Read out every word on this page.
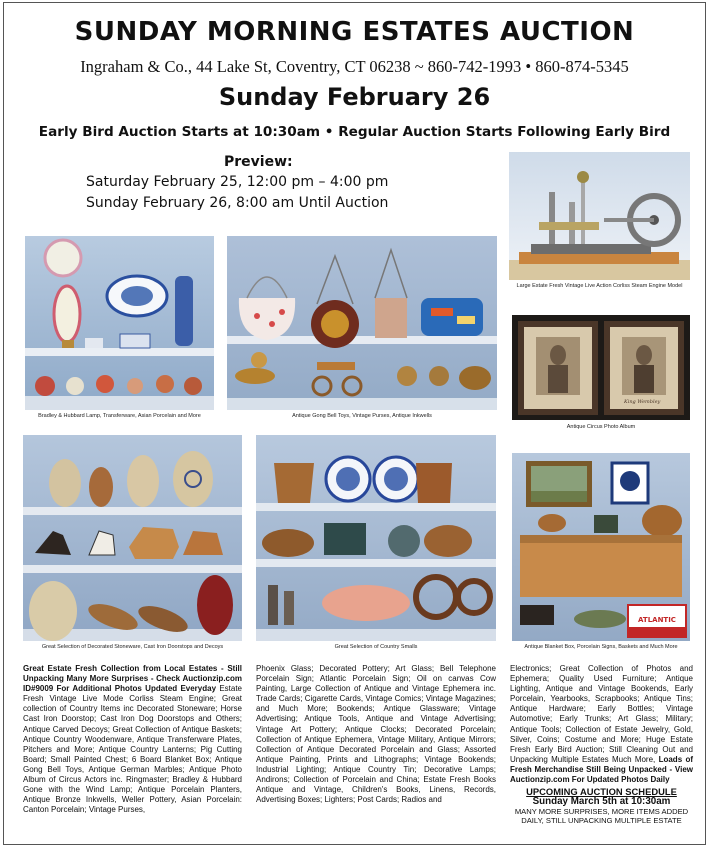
SUNDAY MORNING ESTATES AUCTION
Ingraham & Co., 44 Lake St, Coventry, CT 06238 ~ 860-742-1993 • 860-874-5345
Sunday February 26
Early Bird Auction Starts at 10:30am • Regular Auction Starts Following Early Bird
Preview:
Saturday February 25, 12:00 pm – 4:00 pm
Sunday February 26, 8:00 am Until Auction
Large Estate Fresh Vintage Live Action Corliss Steam Engine Model
Bradley & Hubbard Lamp, Transferware, Asian Porcelain and More	Antique Gong Bell Toys, Vintage Purses, Antique Inkwells
King Wembley
Antique Circus Photo Album
Great Selection of Decorated Stoneware, Cast Iron Doorstops and Decoys	Great Selection of Country Smalls
ATLANTIC
Antique Blanket Box, Porcelain Signs, Baskets and Much More
Great Estate Fresh Collection from Local Estates - Still Unpacking Many More Surprises - Check Auctionzip.com ID#9009 For Additional Photos Updated Everyday Estate Fresh Vintage Live Mode Corliss Steam Engine; Great collection of Country Items inc Decorated Stoneware; Horse Cast Iron Doorstop; Cast Iron Dog Doorstops and Others; Antique Carved Decoys; Great Collection of Antique Baskets; Antique Country Woodenware, Antique Transferware Plates, Pitchers and More; Antique Country Lanterns; Pig Cutting Board; Small Painted Chest; 6 Board Blanket Box; Antique Gong Bell Toys, Antique German Marbles; Antique Photo Album of Circus Actors inc. Ringmaster; Bradley & Hubbard Gone with the Wind Lamp; Antique Porcelain Planters, Antique Bronze Inkwells, Weller Pottery, Asian Porcelain: Canton Porcelain; Vintage Purses,
Phoenix Glass; Decorated Pottery; Art Glass; Bell Telephone Porcelain Sign; Atlantic Porcelain Sign; Oil on canvas Cow Painting, Large Collection of Antique and Vintage Ephemera inc. Trade Cards; Cigarette Cards, Vintage Comics; Vintage Magazines; and Much More; Bookends; Antique Glassware; Vintage Advertising; Antique Tools, Antique and Vintage Advertising; Vintage Art Pottery; Antique Clocks; Decorated Porcelain; Collection of Antique Ephemera, Vintage Military, Antique Mirrors; Collection of Antique Decorated Porcelain and Glass; Assorted Antique Painting, Prints and Lithographs; Vintage Bookends; Industrial Lighting; Antique Country Tin; Decorative Lamps; Andirons; Collection of Porcelain and China; Estate Fresh Books Antique and Vintage, Children's Books, Linens, Records, Advertising Boxes; Lighters; Post Cards; Radios and
Electronics; Great Collection of Photos and Ephemera; Quality Used Furniture; Antique Lighting, Antique and Vintage Bookends, Early Porcelain, Yearbooks, Scrapbooks; Antique Tins; Antique Hardware; Early Bottles; Vintage Automotive; Early Trunks; Art Glass; Military; Antique Tools; Collection of Estate Jewelry, Gold, Silver, Coins; Costume and More; Huge Estate Fresh Early Bird Auction; Still Cleaning Out and Unpacking Multiple Estates Much More, Loads of Fresh Merchandise Still Being Unpacked - View Auctionzip.com For Updated Photos Daily
UPCOMING AUCTION SCHEDULE
Sunday March 5th at 10:30am
MANY MORE SURPRISES, MORE ITEMS ADDED DAILY, STILL UNPACKING MULTIPLE ESTATE
